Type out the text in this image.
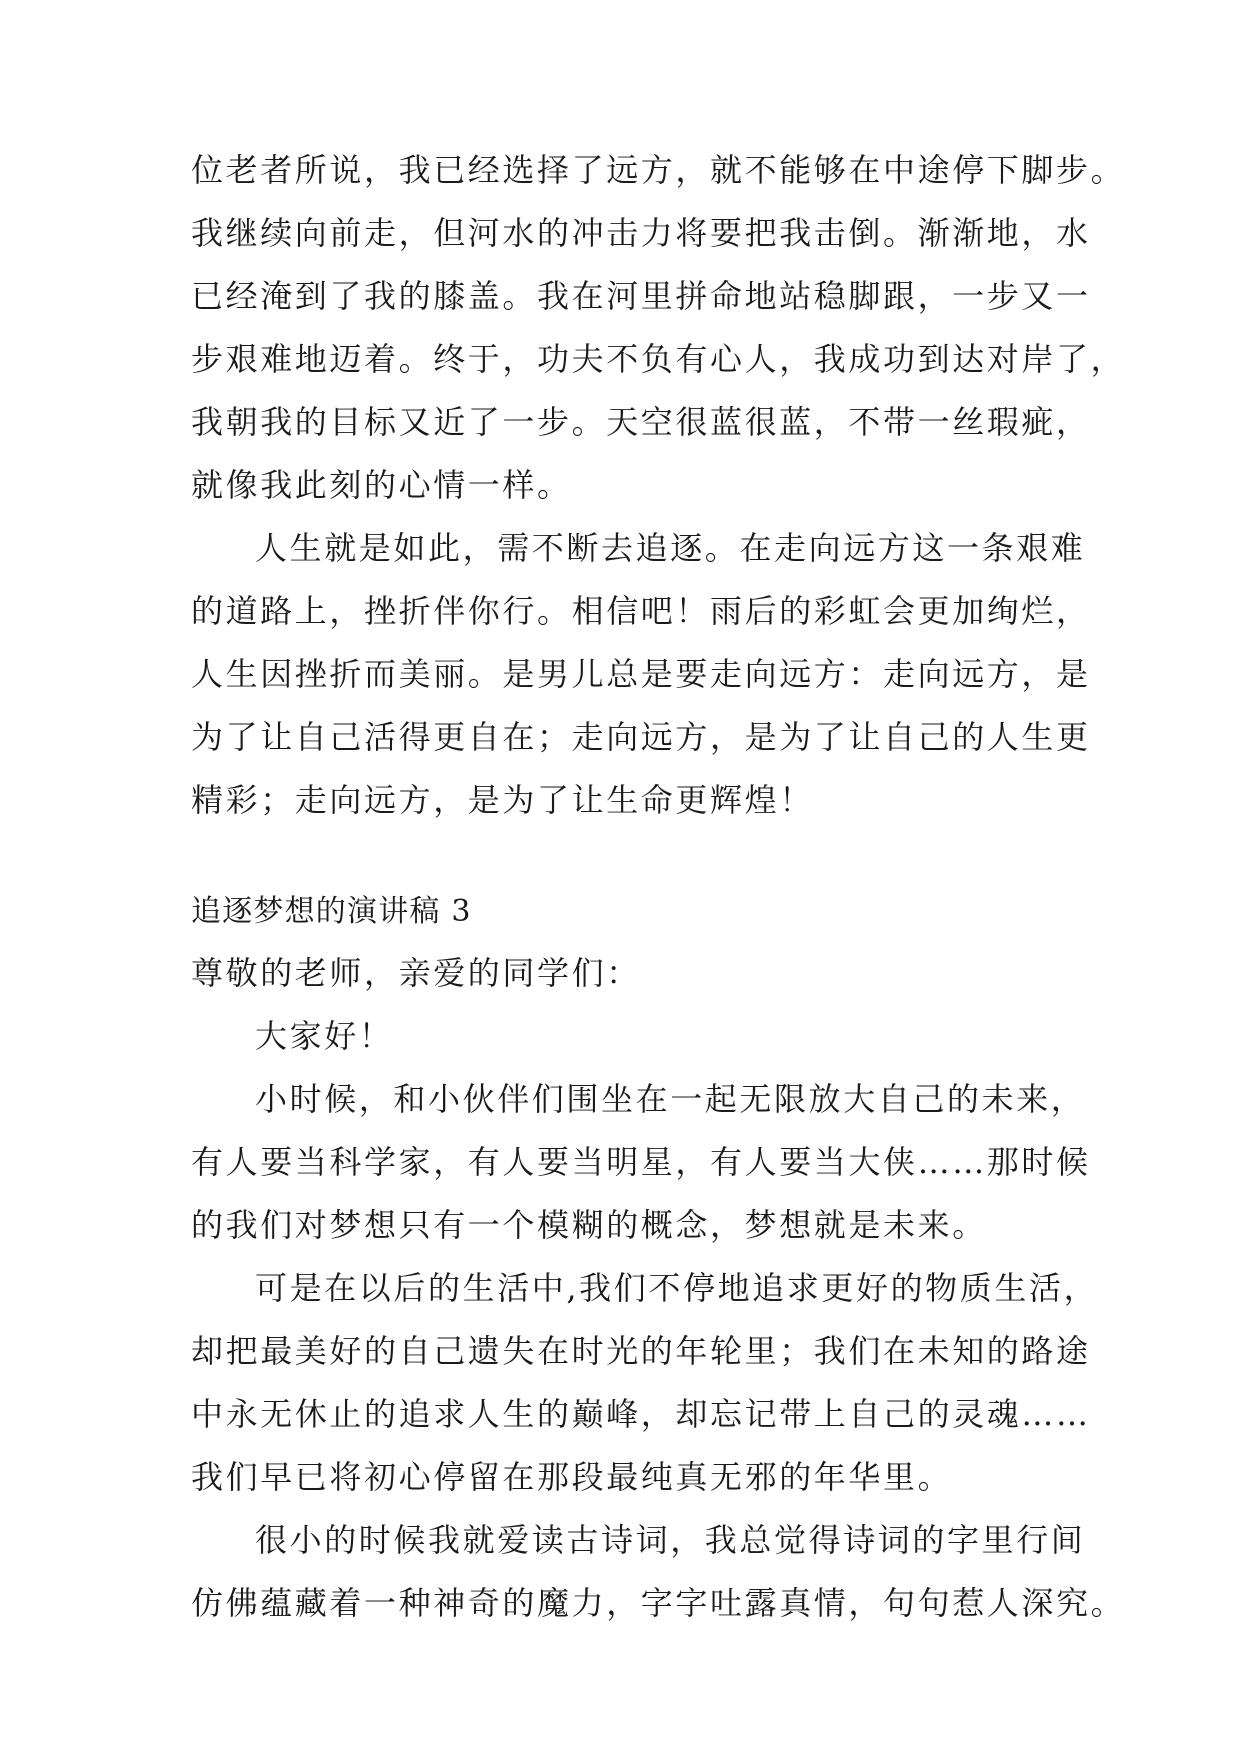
位老者所说，我已经选择了远方，就不能够在中途停下脚步。
我继续向前走，但河水的冲击力将要把我击倒。渐渐地，水
已经淹到了我的膝盖。我在河里拼命地站稳脚跟，一步又一
步艰难地迈着。终于，功夫不负有心人，我成功到达对岸了，
我朝我的目标又近了一步。天空很蓝很蓝，不带一丝瑕疵，
就像我此刻的心情一样。
人生就是如此，需不断去追逐。在走向远方这一条艰难
的道路上，挫折伴你行。相信吧！雨后的彩虹会更加绚烂，
人生因挫折而美丽。是男儿总是要走向远方：走向远方，是
为了让自己活得更自在；走向远方，是为了让自己的人生更
精彩；走向远方，是为了让生命更辉煌！
追逐梦想的演讲稿 3
尊敬的老师，亲爱的同学们：
大家好！
小时候，和小伙伴们围坐在一起无限放大自己的未来，
有人要当科学家，有人要当明星，有人要当大侠……那时候
的我们对梦想只有一个模糊的概念，梦想就是未来。
可是在以后的生活中,我们不停地追求更好的物质生活，
却把最美好的自己遗失在时光的年轮里；我们在未知的路途
中永无休止的追求人生的巅峰，却忘记带上自己的灵魂……
我们早已将初心停留在那段最纯真无邪的年华里。
很小的时候我就爱读古诗词，我总觉得诗词的字里行间
仿佛蕴藏着一种神奇的魔力，字字吐露真情，句句惹人深究。
